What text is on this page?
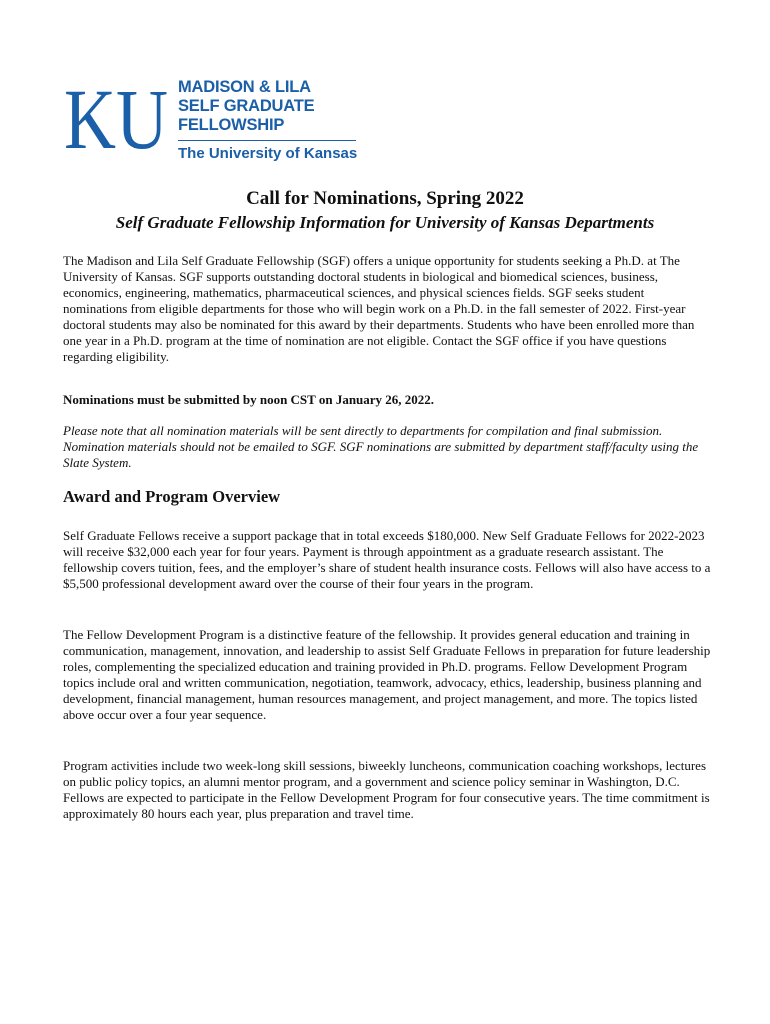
KU MADISON & LILA
SELF GRADUATE
FELLOWSHIP
The University of Kansas
Call for Nominations, Spring 2022
Self Graduate Fellowship Information for University of Kansas Departments

The Madison and Lila Self Graduate Fellowship (SGF) offers a unique opportunity for students seeking a Ph.D. at The University of Kansas. SGF supports outstanding doctoral students in biological and biomedical sciences, business, economics, engineering, mathematics, pharmaceutical sciences, and physical sciences fields. SGF seeks student nominations from eligible departments for those who will begin work on a Ph.D. in the fall semester of 2022. First-year doctoral students may also be nominated for this award by their departments. Students who have been enrolled more than one year in a Ph.D. program at the time of nomination are not eligible. Contact the SGF office if you have questions regarding eligibility.

Nominations must be submitted by noon CST on January 26, 2022.

Please note that all nomination materials will be sent directly to departments for compilation and final submission. Nomination materials should not be emailed to SGF. SGF nominations are submitted by department staff/faculty using the Slate System.

Award and Program Overview

Self Graduate Fellows receive a support package that in total exceeds $180,000. New Self Graduate Fellows for 2022-2023 will receive $32,000 each year for four years. Payment is through appointment as a graduate research assistant. The fellowship covers tuition, fees, and the employer’s share of student health insurance costs. Fellows will also have access to a $5,500 professional development award over the course of their four years in the program.

The Fellow Development Program is a distinctive feature of the fellowship. It provides general education and training in communication, management, innovation, and leadership to assist Self Graduate Fellows in preparation for future leadership roles, complementing the specialized education and training provided in Ph.D. programs. Fellow Development Program topics include oral and written communication, negotiation, teamwork, advocacy, ethics, leadership, business planning and development, financial management, human resources management, and project management, and more. The topics listed above occur over a four year sequence.

Program activities include two week-long skill sessions, biweekly luncheons, communication coaching workshops, lectures on public policy topics, an alumni mentor program, and a government and science policy seminar in Washington, D.C. Fellows are expected to participate in the Fellow Development Program for four consecutive years. The time commitment is approximately 80 hours each year, plus preparation and travel time.
